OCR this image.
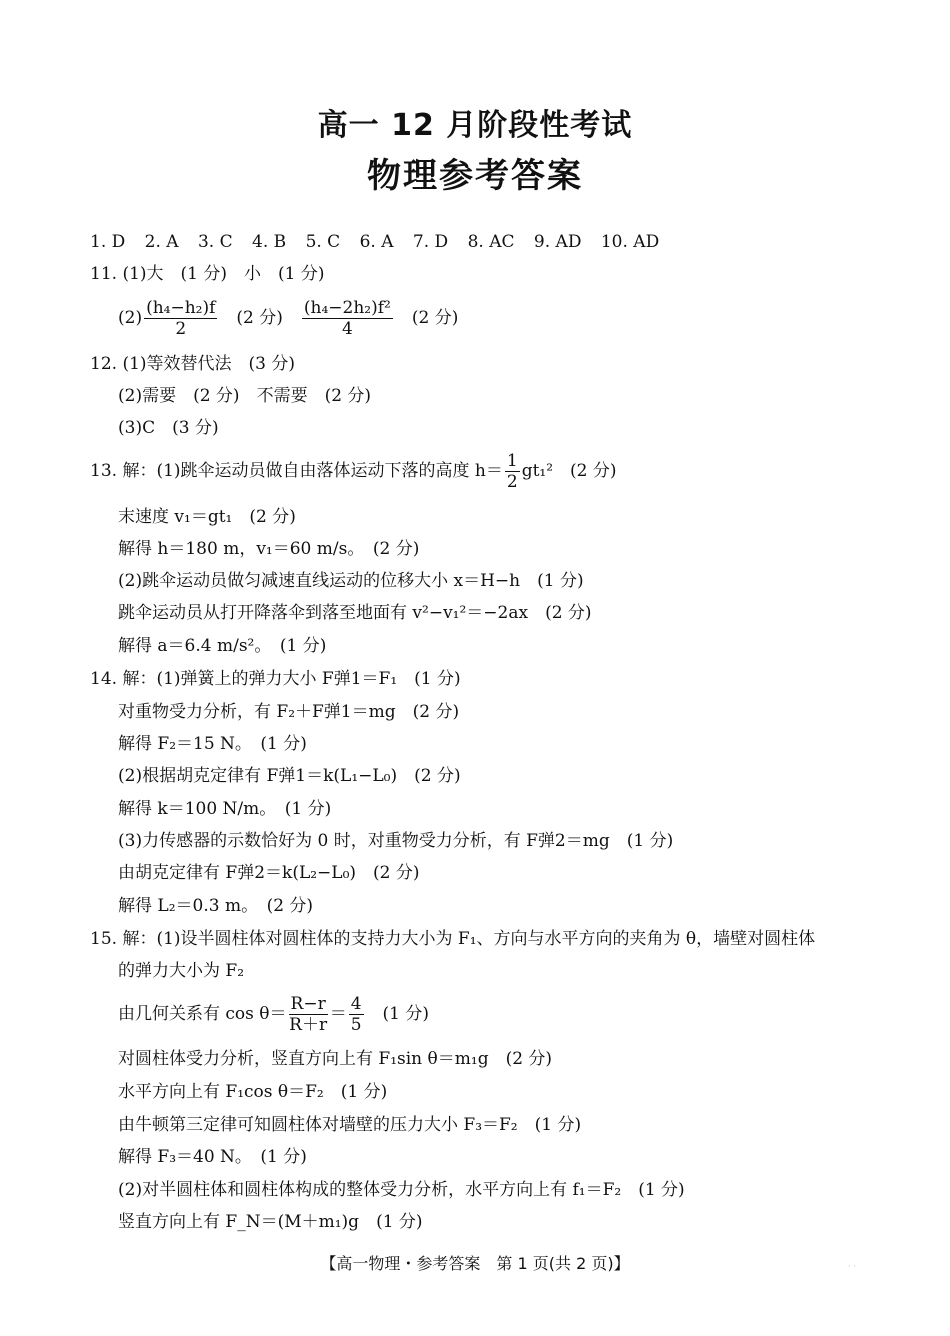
高一 12 月阶段性考试
物理参考答案
1. D 2. A 3. C 4. B 5. C 6. A 7. D 8. AC 9. AD 10. AD
11. (1)大　(1 分)　小　(1 分)
$(2) \frac{\text{(h₄−h₂)f}}{2}$ 　(2 分)　 $\frac{\text{(h₄−2h₂)f²}}{4}$ 　(2 分)
12. (1)等效替代法　(3 分)
(2)需要　(2 分)　不需要　(2 分)
(3)C　(3 分)
13. 解：(1)跳伞运动员做自由落体运动下落的高度 $h= \frac{1}{2} gt_1^2$　(2 分)
末速度 v₁＝gt₁　(2 分)
解得 h＝180 m，v₁＝60 m/s。　(2 分)
(2)跳伞运动员做匀减速直线运动的位移大小 x＝H−h　(1 分)
跳伞运动员从打开降落伞到落至地面有 v²−v₁²＝−2ax　(2 分)
解得 a＝6.4 m/s²。　(1 分)
14. 解：(1)弹簧上的弹力大小 F弹1＝F₁　(1 分)
对重物受力分析，有 F₂＋F弹1＝mg　(2 分)
解得 F₂＝15 N。　(1 分)
(2)根据胡克定律有 F弹1＝k(L₁−L₀)　(2 分)
解得 k＝100 N/m。　(1 分)
(3)力传感器的示数恰好为 0 时，对重物受力分析，有 F弹2＝mg　(1 分)
由胡克定律有 F弹2＝k(L₂−L₀)　(2 分)
解得 L₂＝0.3 m。　(2 分)
15. 解：(1)设半圆柱体对圆柱体的支持力大小为 F₁、方向与水平方向的夹角为 θ，墙壁对圆柱体
的弹力大小为 F₂
由几何关系有 $\cos \theta= \frac{R-r}{R+r} = \frac{4}{5}$ 　(1 分)
对圆柱体受力分析，竖直方向上有 F₁sin θ＝m₁g　(2 分)
水平方向上有 F₁cos θ＝F₂　(1 分)
由牛顿第三定律可知圆柱体对墙壁的压力大小 F₃＝F₂　(1 分)
解得 F₃＝40 N。　(1 分)
(2)对半圆柱体和圆柱体构成的整体受力分析，水平方向上有 f₁＝F₂　(1 分)
竖直方向上有 F_N＝(M＋m₁)g　(1 分)
【高一物理・参考答案　第 1 页(共 2 页)】	· ·
